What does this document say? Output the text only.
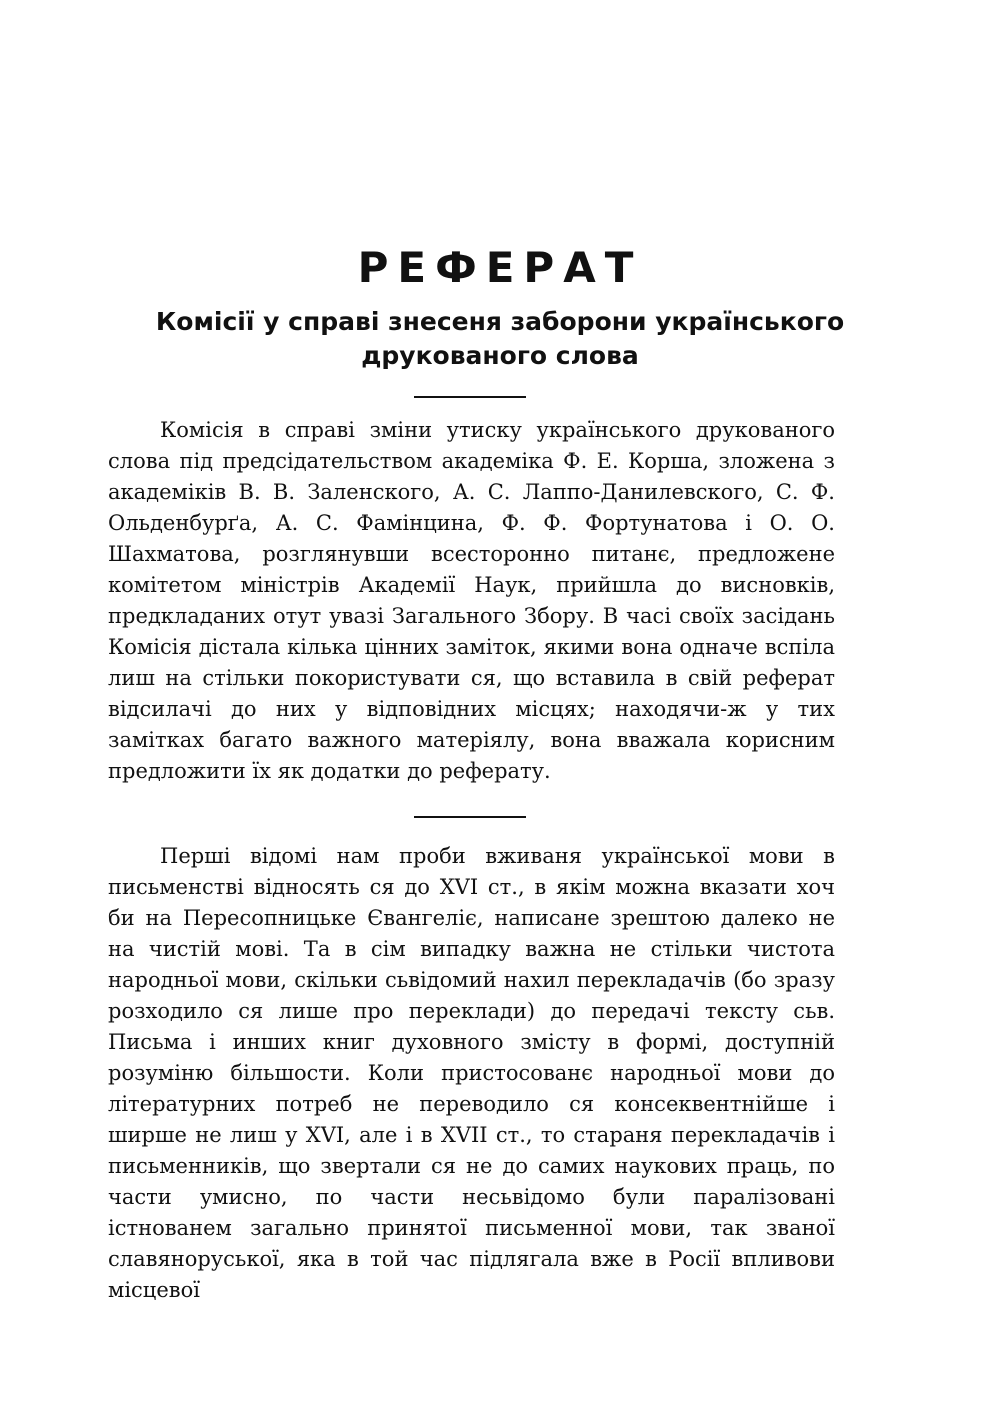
РЕФЕРАТ
Комісії у справі знесеня заборони українського
друкованого слова

Комісія в справі зміни утиску українського друкованого слова під предсідательством академіка Ф. Е. Корша, зложена з академіків В. В. Заленского, А. С. Лаппо-Данилевского, С. Ф. Ольденбурґа, А. С. Фамінцина, Ф. Ф. Фортунатова і О. О. Шахматова, розглянувши всесторонно питанє, предложене комітетом міністрів Академії Наук, прийшла до висновків, предкладаних отут увазі Загального Збору. В часі своїх засідань Комісія дістала кілька цінних заміток, якими вона одначе вспіла лиш на стільки покористувати ся, що вставила в свій реферат відсилачі до них у відповідних місцях; находячи-ж у тих замітках багато важного матеріялу, вона вважала корисним предложити їх як додатки до реферату.

Перші відомі нам проби вживаня української мови в письменстві відносять ся до XVI ст., в якім можна вказати хоч би на Пересопницьке Євангеліє, написане зрештою далеко не на чистій мові. Та в сім випадку важна не стільки чистота народньої мови, скільки сьвідомий нахил перекладачів (бо зразу розходило ся лише про переклади) до передачі тексту сьв. Письма і инших книг духовного змісту в формі, доступній розуміню більшости. Коли пристосованє народньої мови до літературних потреб не переводило ся консеквентнійше і ширше не лиш у XVI, але і в XVII ст., то стараня перекладачів і письменників, що звертали ся не до самих наукових праць, по части умисно, по части несьвідомо були паралізовані істнованем загально принятої письменної мови, так званої славяноруської, яка в той час підлягала вже в Росії впливови місцевої
